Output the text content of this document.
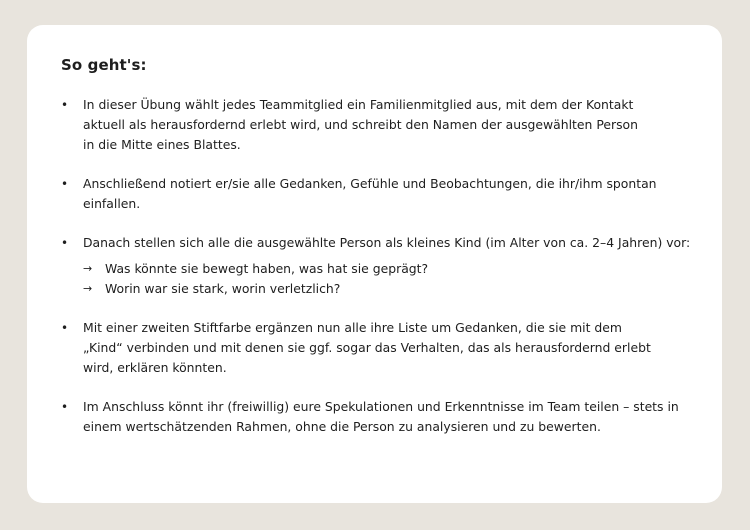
So geht's:
• In dieser Übung wählt jedes Teammitglied ein Familienmitglied aus, mit dem der Kontakt aktuell als herausfordernd erlebt wird, und schreibt den Namen der ausgewählten Person in die Mitte eines Blattes.
• Anschließend notiert er/sie alle Gedanken, Gefühle und Beobachtungen, die ihr/ihm spontan einfallen.
• Danach stellen sich alle die ausgewählte Person als kleines Kind (im Alter von ca. 2–4 Jahren) vor:
→ Was könnte sie bewegt haben, was hat sie geprägt?
→ Worin war sie stark, worin verletzlich?
• Mit einer zweiten Stiftfarbe ergänzen nun alle ihre Liste um Gedanken, die sie mit dem „Kind“ verbinden und mit denen sie ggf. sogar das Verhalten, das als herausfordernd erlebt wird, erklären könnten.
• Im Anschluss könnt ihr (freiwillig) eure Spekulationen und Erkenntnisse im Team teilen – stets in einem wertschätzenden Rahmen, ohne die Person zu analysieren und zu bewerten.
